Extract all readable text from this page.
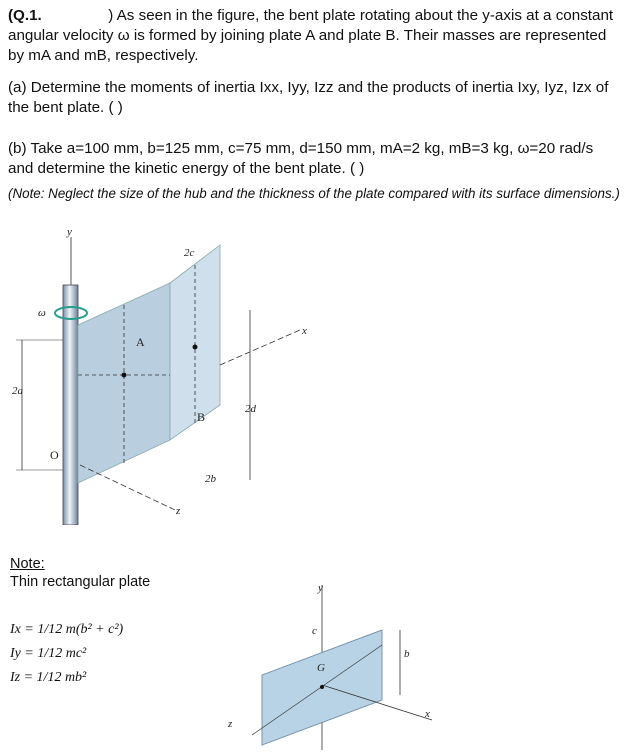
(Q.1.	) As seen in the figure, the bent plate rotating about the y-axis at a constant angular velocity ω is formed by joining plate A and plate B. Their masses are represented by mA and mB, respectively.
(a) Determine the moments of inertia Ixx, Iyy, Izz and the products of inertia Ixy, Iyz, Izx of the bent plate. ( )
(b) Take a=100 mm, b=125 mm, c=75 mm, d=150 mm, mA=2 kg, mB=3 kg, ω=20 rad/s and determine the kinetic energy of the bent plate. ( )
(Note: Neglect the size of the hub and the thickness of the plate compared with its surface dimensions.)
y
ω
2c
A
x
2a
2d
B
O
2b
z
Note:
Thin rectangular plate
Ix = 1/12 m(b² + c²)
Iy = 1/12 mc²
Iz = 1/12 mb²
y
c
b
G
x
z
